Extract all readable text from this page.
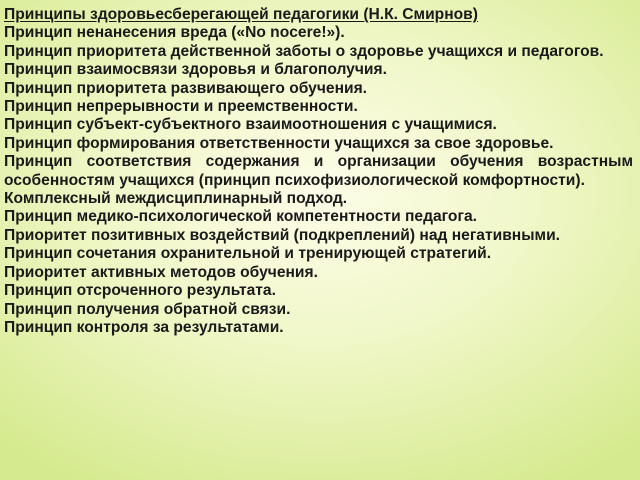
Принципы здоровьесберегающей педагогики (Н.К. Смирнов)

Принцип ненанесения вреда («No nocere!»).

Принцип приоритета действенной заботы о здоровье учащихся и педагогов.

Принцип взаимосвязи здоровья и благополучия.

Принцип приоритета развивающего обучения.

Принцип непрерывности и преемственности.

Принцип субъект-субъектного взаимоотношения с учащимися.

Принцип формирования ответственности учащихся за свое здоровье.

Принцип соответствия содержания и организации обучения возрастным особенностям учащихся (принцип психофизиологической комфортности).

Комплексный междисциплинарный подход.

Принцип медико-психологической компетентности педагога.

Приоритет позитивных воздействий (подкреплений) над негативными.

Принцип сочетания охранительной и тренирующей стратегий.

Приоритет активных методов обучения.

Принцип отсроченного результата.

Принцип получения обратной связи.

Принцип контроля за результатами.
